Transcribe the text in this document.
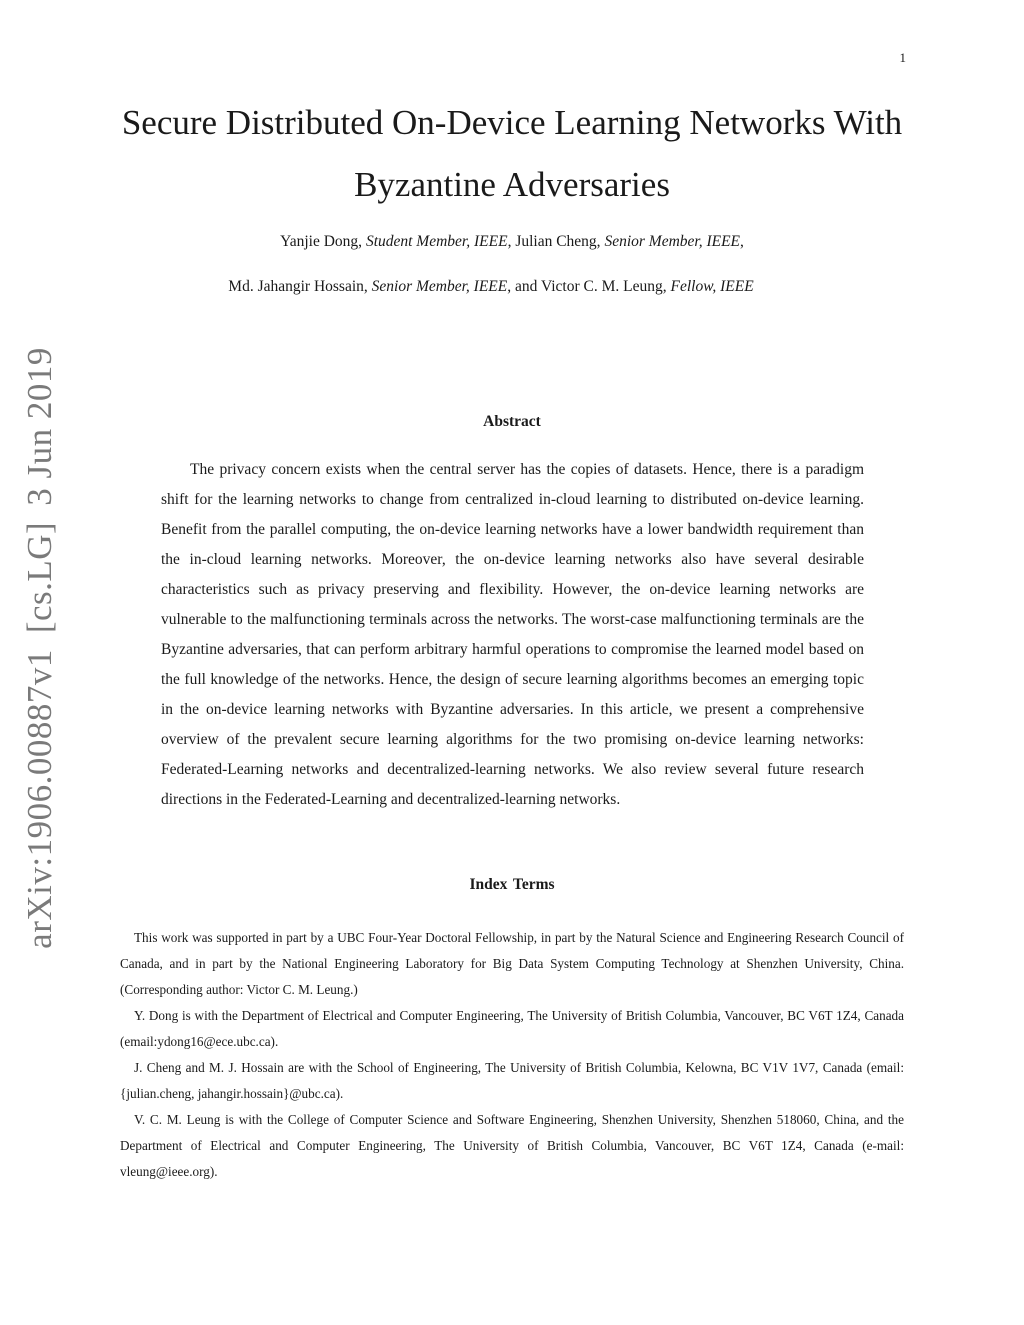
1
arXiv:1906.00887v1[cs.LG]3 Jun 2019
Secure Distributed On-Device Learning Networks With
Byzantine Adversaries
Yanjie Dong, Student Member, IEEE, Julian Cheng, Senior Member, IEEE,
Md. Jahangir Hossain, Senior Member, IEEE, and Victor C. M. Leung, Fellow, IEEE
Abstract

The privacy concern exists when the central server has the copies of datasets. Hence, there is a paradigm shift for the learning networks to change from centralized in-cloud learning to distributed on-device learning. Benefit from the parallel computing, the on-device learning networks have a lower bandwidth requirement than the in-cloud learning networks. Moreover, the on-device learning networks also have several desirable characteristics such as privacy preserving and flexibility. However, the on-device learning networks are vulnerable to the malfunctioning terminals across the networks. The worst-case malfunctioning terminals are the Byzantine adversaries, that can perform arbitrary harmful operations to compromise the learned model based on the full knowledge of the networks. Hence, the design of secure learning algorithms becomes an emerging topic in the on-device learning networks with Byzantine adversaries. In this article, we present a comprehensive overview of the prevalent secure learning algorithms for the two promising on-device learning networks: Federated-Learning networks and decentralized-learning networks. We also review several future research directions in the Federated-Learning and decentralized-learning networks.

Index Terms

This work was supported in part by a UBC Four-Year Doctoral Fellowship, in part by the Natural Science and Engineering Research Council of Canada, and in part by the National Engineering Laboratory for Big Data System Computing Technology at Shenzhen University, China. (Corresponding author: Victor C. M. Leung.)

Y. Dong is with the Department of Electrical and Computer Engineering, The University of British Columbia, Vancouver, BC V6T 1Z4, Canada (email:ydong16@ece.ubc.ca).

J. Cheng and M. J. Hossain are with the School of Engineering, The University of British Columbia, Kelowna, BC V1V 1V7, Canada (email:{julian.cheng, jahangir.hossain}@ubc.ca).

V. C. M. Leung is with the College of Computer Science and Software Engineering, Shenzhen University, Shenzhen 518060, China, and the Department of Electrical and Computer Engineering, The University of British Columbia, Vancouver, BC V6T 1Z4, Canada (e-mail: vleung@ieee.org).
